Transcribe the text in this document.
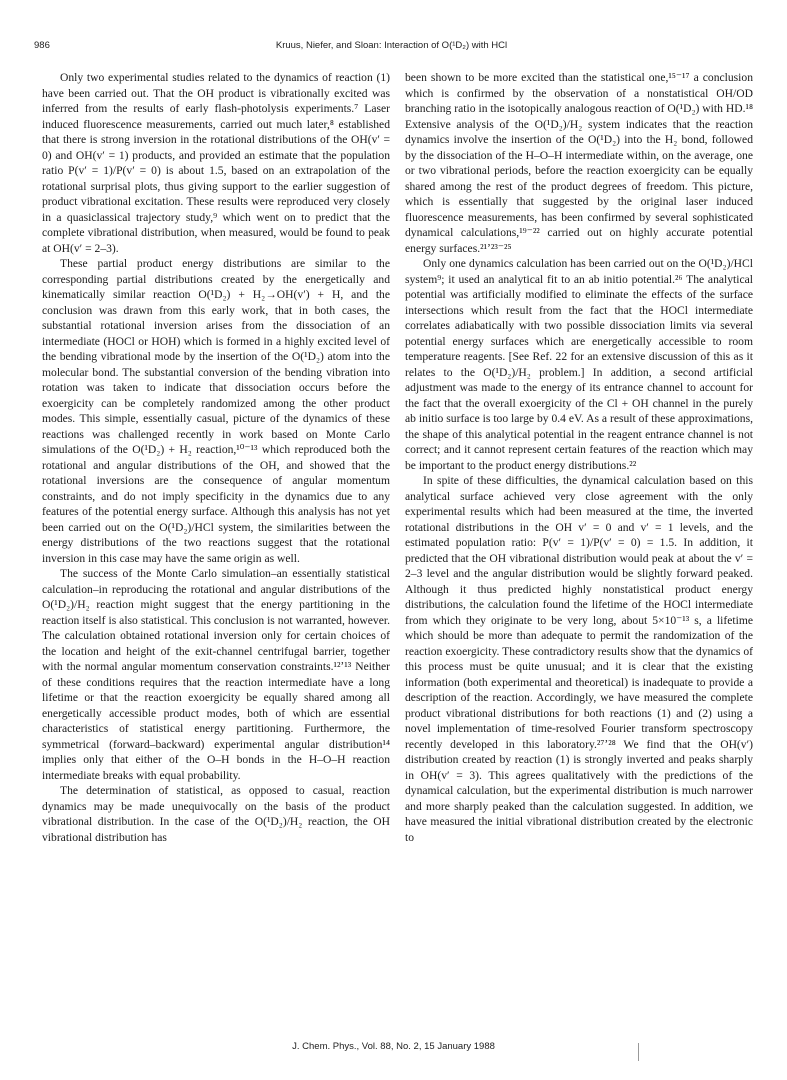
986	Kruus, Niefer, and Sloan: Interaction of O(¹D₂) with HCl

Only two experimental studies related to the dynamics of reaction (1) have been carried out. That the OH product is vibrationally excited was inferred from the results of early flash-photolysis experiments.⁷ Laser induced fluorescence measurements, carried out much later,⁸ established that there is strong inversion in the rotational distributions of the OH(v′ = 0) and OH(v′ = 1) products, and provided an estimate that the population ratio P(v′ = 1)/P(v′ = 0) is about 1.5, based on an extrapolation of the rotational surprisal plots, thus giving support to the earlier suggestion of product vibrational excitation. These results were reproduced very closely in a quasiclassical trajectory study,⁹ which went on to predict that the complete vibrational distribution, when measured, would be found to peak at OH(v′ = 2–3).

These partial product energy distributions are similar to the corresponding partial distributions created by the energetically and kinematically similar reaction O(¹D₂) + H₂→OH(v′) + H, and the conclusion was drawn from this early work, that in both cases, the substantial rotational inversion arises from the dissociation of an intermediate (HOCl or HOH) which is formed in a highly excited level of the bending vibrational mode by the insertion of the O(¹D₂) atom into the molecular bond. The substantial conversion of the bending vibration into rotation was taken to indicate that dissociation occurs before the exoergicity can be completely randomized among the other product modes. This simple, essentially casual, picture of the dynamics of these reactions was challenged recently in work based on Monte Carlo simulations of the O(¹D₂) + H₂ reaction,¹⁰⁻¹³ which reproduced both the rotational and angular distributions of the OH, and showed that the rotational inversions are the consequence of angular momentum constraints, and do not imply specificity in the dynamics due to any features of the potential energy surface. Although this analysis has not yet been carried out on the O(¹D₂)/HCl system, the similarities between the energy distributions of the two reactions suggest that the rotational inversion in this case may have the same origin as well.

The success of the Monte Carlo simulation–an essentially statistical calculation–in reproducing the rotational and angular distributions of the O(¹D₂)/H₂ reaction might suggest that the energy partitioning in the reaction itself is also statistical. This conclusion is not warranted, however. The calculation obtained rotational inversion only for certain choices of the location and height of the exit-channel centrifugal barrier, together with the normal angular momentum conservation constraints.¹²ʼ¹³ Neither of these conditions requires that the reaction intermediate have a long lifetime or that the reaction exoergicity be equally shared among all energetically accessible product modes, both of which are essential characteristics of statistical energy partitioning. Furthermore, the symmetrical (forward–backward) experimental angular distribution¹⁴ implies only that either of the O–H bonds in the H–O–H reaction intermediate breaks with equal probability.

The determination of statistical, as opposed to casual, reaction dynamics may be made unequivocally on the basis of the product vibrational distribution. In the case of the O(¹D₂)/H₂ reaction, the OH vibrational distribution has

been shown to be more excited than the statistical one,¹⁵⁻¹⁷ a conclusion which is confirmed by the observation of a nonstatistical OH/OD branching ratio in the isotopically analogous reaction of O(¹D₂) with HD.¹⁸ Extensive analysis of the O(¹D₂)/H₂ system indicates that the reaction dynamics involve the insertion of the O(¹D₂) into the H₂ bond, followed by the dissociation of the H–O–H intermediate within, on the average, one or two vibrational periods, before the reaction exoergicity can be equally shared among the rest of the product degrees of freedom. This picture, which is essentially that suggested by the original laser induced fluorescence measurements, has been confirmed by several sophisticated dynamical calculations,¹⁹⁻²² carried out on highly accurate potential energy surfaces.²¹ʼ²³⁻²⁵

Only one dynamics calculation has been carried out on the O(¹D₂)/HCl system⁹; it used an analytical fit to an ab initio potential.²⁶ The analytical potential was artificially modified to eliminate the effects of the surface intersections which result from the fact that the HOCl intermediate correlates adiabatically with two possible dissociation limits via several potential energy surfaces which are energetically accessible to room temperature reagents. [See Ref. 22 for an extensive discussion of this as it relates to the O(¹D₂)/H₂ problem.] In addition, a second artificial adjustment was made to the energy of its entrance channel to account for the fact that the overall exoergicity of the Cl + OH channel in the purely ab initio surface is too large by 0.4 eV. As a result of these approximations, the shape of this analytical potential in the reagent entrance channel is not correct; and it cannot represent certain features of the reaction which may be important to the product energy distributions.²²

In spite of these difficulties, the dynamical calculation based on this analytical surface achieved very close agreement with the only experimental results which had been measured at the time, the inverted rotational distributions in the OH v′ = 0 and v′ = 1 levels, and the estimated population ratio: P(v′ = 1)/P(v′ = 0) = 1.5. In addition, it predicted that the OH vibrational distribution would peak at about the v′ = 2–3 level and the angular distribution would be slightly forward peaked. Although it thus predicted highly nonstatistical product energy distributions, the calculation found the lifetime of the HOCl intermediate from which they originate to be very long, about 5×10⁻¹³ s, a lifetime which should be more than adequate to permit the randomization of the reaction exoergicity. These contradictory results show that the dynamics of this process must be quite unusual; and it is clear that the existing information (both experimental and theoretical) is inadequate to provide a description of the reaction. Accordingly, we have measured the complete product vibrational distributions for both reactions (1) and (2) using a novel implementation of time-resolved Fourier transform spectroscopy recently developed in this laboratory.²⁷ʼ²⁸ We find that the OH(v′) distribution created by reaction (1) is strongly inverted and peaks sharply in OH(v′ = 3). This agrees qualitatively with the predictions of the dynamical calculation, but the experimental distribution is much narrower and more sharply peaked than the calculation suggested. In addition, we have measured the initial vibrational distribution created by the electronic to

J. Chem. Phys., Vol. 88, No. 2, 15 January 1988
